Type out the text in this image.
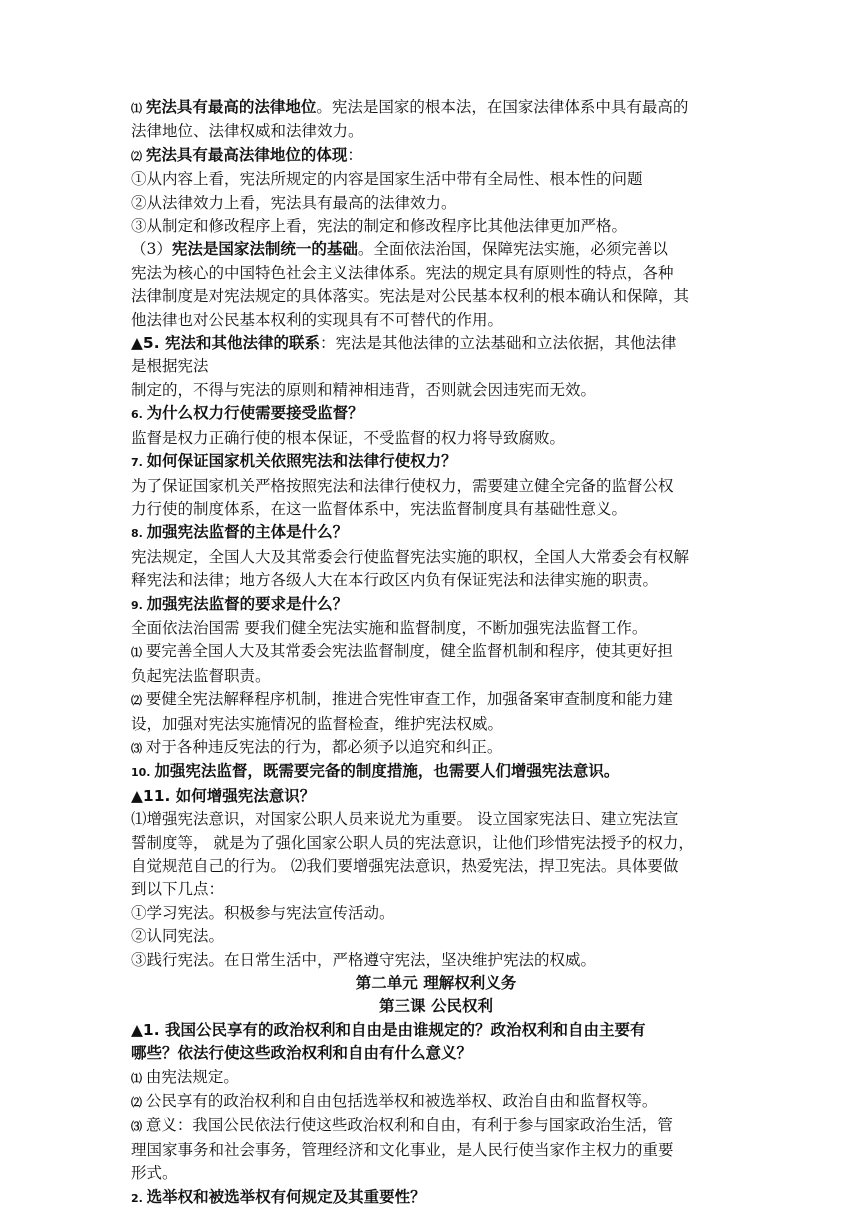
⑴ 宪法具有最高的法律地位。宪法是国家的根本法，在国家法律体系中具有最高的

法律地位、法律权威和法律效力。

⑵ 宪法具有最高法律地位的体现：

①从内容上看，宪法所规定的内容是国家生活中带有全局性、根本性的问题

②从法律效力上看，宪法具有最高的法律效力。

③从制定和修改程序上看，宪法的制定和修改程序比其他法律更加严格。

（3）宪法是国家法制统一的基础。全面依法治国，保障宪法实施，必须完善以

宪法为核心的中国特色社会主义法律体系。宪法的规定具有原则性的特点，各种

法律制度是对宪法规定的具体落实。宪法是对公民基本权利的根本确认和保障，其

他法律也对公民基本权利的实现具有不可替代的作用。

▲5. 宪法和其他法律的联系：宪法是其他法律的立法基础和立法依据，其他法律

是根据宪法

制定的，不得与宪法的原则和精神相违背，否则就会因违宪而无效。

6. 为什么权力行使需要接受监督？

监督是权力正确行使的根本保证，不受监督的权力将导致腐败。

7. 如何保证国家机关依照宪法和法律行使权力？

为了保证国家机关严格按照宪法和法律行使权力，需要建立健全完备的监督公权

力行使的制度体系，在这一监督体系中，宪法监督制度具有基础性意义。

8. 加强宪法监督的主体是什么？

宪法规定，全国人大及其常委会行使监督宪法实施的职权，全国人大常委会有权解

释宪法和法律；地方各级人大在本行政区内负有保证宪法和法律实施的职责。

9. 加强宪法监督的要求是什么？

全面依法治国需 要我们健全宪法实施和监督制度，不断加强宪法监督工作。

⑴ 要完善全国人大及其常委会宪法监督制度，健全监督机制和程序，使其更好担

负起宪法监督职责。

⑵ 要健全宪法解释程序机制，推进合宪性审查工作，加强备案审查制度和能力建

设，加强对宪法实施情况的监督检查，维护宪法权威。

⑶ 对于各种违反宪法的行为，都必须予以追究和纠正。

10. 加强宪法监督，既需要完备的制度措施，也需要人们增强宪法意识。

▲11. 如何增强宪法意识？

⑴增强宪法意识，对国家公职人员来说尤为重要。 设立国家宪法日、建立宪法宣

誓制度等， 就是为了强化国家公职人员的宪法意识，让他们珍惜宪法授予的权力，

自觉规范自己的行为。 ⑵我们要增强宪法意识，热爱宪法，捍卫宪法。具体要做

到以下几点：

①学习宪法。积极参与宪法宣传活动。

②认同宪法。

③践行宪法。在日常生活中，严格遵守宪法，坚决维护宪法的权威。

第二单元 理解权利义务

第三课 公民权利

▲1. 我国公民享有的政治权利和自由是由谁规定的？政治权利和自由主要有

哪些？依法行使这些政治权利和自由有什么意义？

⑴ 由宪法规定。

⑵ 公民享有的政治权利和自由包括选举权和被选举权、政治自由和监督权等。

⑶ 意义：我国公民依法行使这些政治权利和自由，有利于参与国家政治生活，管

理国家事务和社会事务，管理经济和文化事业，是人民行使当家作主权力的重要

形式。

2. 选举权和被选举权有何规定及其重要性？
